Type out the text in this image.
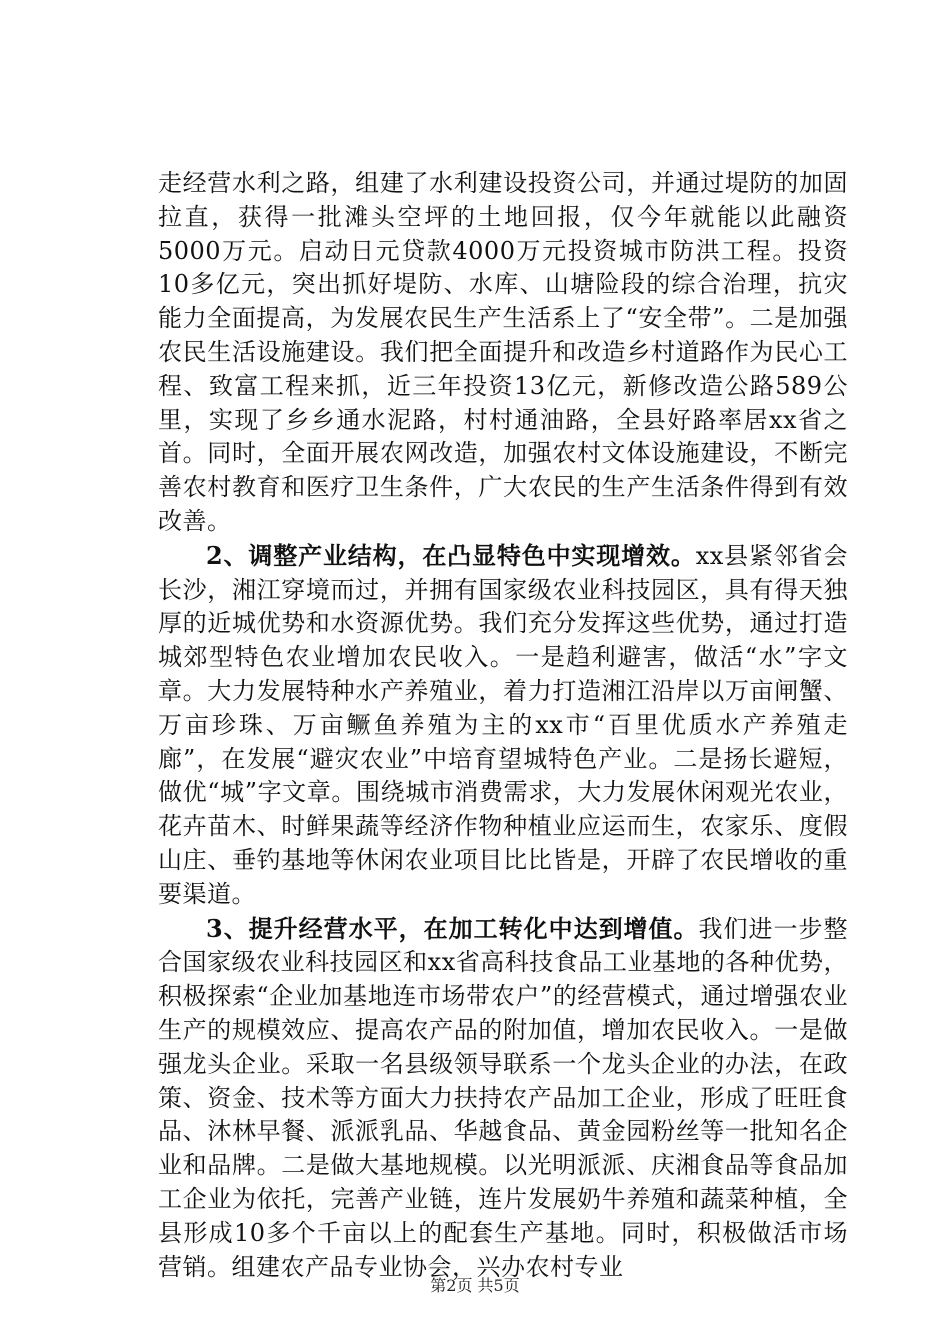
走经营水利之路，组建了水利建设投资公司，并通过堤防的加固拉直，获得一批滩头空坪的土地回报，仅今年就能以此融资5000万元。启动日元贷款4000万元投资城市防洪工程。投资10多亿元，突出抓好堤防、水库、山塘险段的综合治理，抗灾能力全面提高，为发展农民生产生活系上了“安全带”。二是加强农民生活设施建设。我们把全面提升和改造乡村道路作为民心工程、致富工程来抓，近三年投资13亿元，新修改造公路589公里，实现了乡乡通水泥路，村村通油路，全县好路率居xx省之首。同时，全面开展农网改造，加强农村文体设施建设，不断完善农村教育和医疗卫生条件，广大农民的生产生活条件得到有效改善。

2、调整产业结构，在凸显特色中实现增效。xx县紧邻省会长沙，湘江穿境而过，并拥有国家级农业科技园区，具有得天独厚的近城优势和水资源优势。我们充分发挥这些优势，通过打造城郊型特色农业增加农民收入。一是趋利避害，做活“水”字文章。大力发展特种水产养殖业，着力打造湘江沿岸以万亩闸蟹、万亩珍珠、万亩鳜鱼养殖为主的xx市“百里优质水产养殖走廊”，在发展“避灾农业”中培育望城特色产业。二是扬长避短，做优“城”字文章。围绕城市消费需求，大力发展休闲观光农业，花卉苗木、时鲜果蔬等经济作物种植业应运而生，农家乐、度假山庄、垂钓基地等休闲农业项目比比皆是，开辟了农民增收的重要渠道。

3、提升经营水平，在加工转化中达到增值。我们进一步整合国家级农业科技园区和xx省高科技食品工业基地的各种优势，积极探索“企业加基地连市场带农户”的经营模式，通过增强农业生产的规模效应、提高农产品的附加值，增加农民收入。一是做强龙头企业。采取一名县级领导联系一个龙头企业的办法，在政策、资金、技术等方面大力扶持农产品加工企业，形成了旺旺食品、沐林早餐、派派乳品、华越食品、黄金园粉丝等一批知名企业和品牌。二是做大基地规模。以光明派派、庆湘食品等食品加工企业为依托，完善产业链，连片发展奶牛养殖和蔬菜种植，全县形成10多个千亩以上的配套生产基地。同时，积极做活市场营销。组建农产品专业协会，兴办农村专业

第2页 共5页
